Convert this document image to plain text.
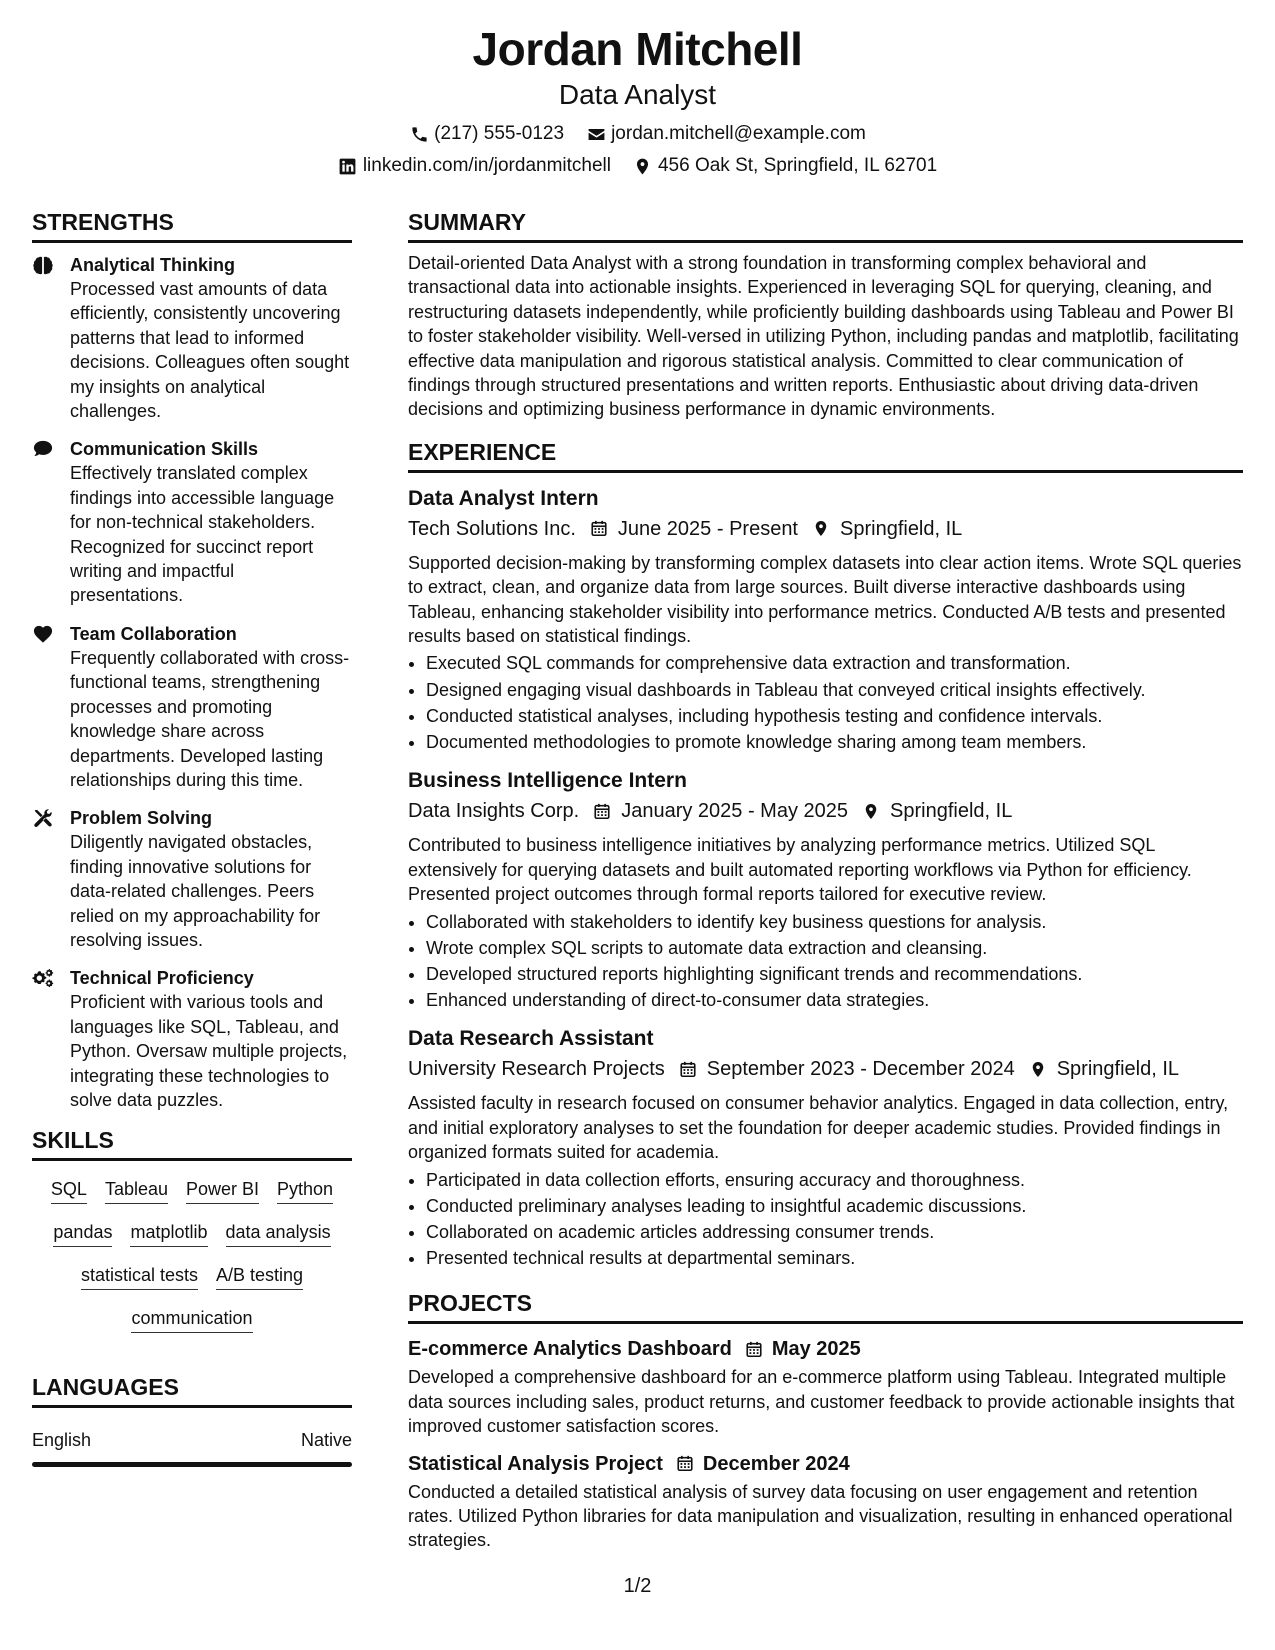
Jordan Mitchell
Data Analyst
(217) 555-0123 jordan.mitchell@example.com
linkedin.com/in/jordanmitchell 456 Oak St, Springfield, IL 62701
STRENGTHS
Analytical Thinking
Processed vast amounts of data efficiently, consistently uncovering patterns that lead to informed decisions. Colleagues often sought my insights on analytical challenges.
Communication Skills
Effectively translated complex findings into accessible language for non-technical stakeholders. Recognized for succinct report writing and impactful presentations.
Team Collaboration
Frequently collaborated with cross-functional teams, strengthening processes and promoting knowledge share across departments. Developed lasting relationships during this time.
Problem Solving
Diligently navigated obstacles, finding innovative solutions for data-related challenges. Peers relied on my approachability for resolving issues.
Technical Proficiency
Proficient with various tools and languages like SQL, Tableau, and Python. Oversaw multiple projects, integrating these technologies to solve data puzzles.
SKILLS
SQL Tableau Power BI Python
pandas matplotlib data analysis
statistical tests A/B testing
communication
LANGUAGES
English	Native
SUMMARY
Detail-oriented Data Analyst with a strong foundation in transforming complex behavioral and transactional data into actionable insights. Experienced in leveraging SQL for querying, cleaning, and restructuring datasets independently, while proficiently building dashboards using Tableau and Power BI to foster stakeholder visibility. Well-versed in utilizing Python, including pandas and matplotlib, facilitating effective data manipulation and rigorous statistical analysis. Committed to clear communication of findings through structured presentations and written reports. Enthusiastic about driving data-driven decisions and optimizing business performance in dynamic environments.
EXPERIENCE
Data Analyst Intern
Tech Solutions Inc. June 2025 - Present Springfield, IL
Supported decision-making by transforming complex datasets into clear action items. Wrote SQL queries to extract, clean, and organize data from large sources. Built diverse interactive dashboards using Tableau, enhancing stakeholder visibility into performance metrics. Conducted A/B tests and presented results based on statistical findings.
• Executed SQL commands for comprehensive data extraction and transformation.
• Designed engaging visual dashboards in Tableau that conveyed critical insights effectively.
• Conducted statistical analyses, including hypothesis testing and confidence intervals.
• Documented methodologies to promote knowledge sharing among team members.
Business Intelligence Intern
Data Insights Corp. January 2025 - May 2025 Springfield, IL
Contributed to business intelligence initiatives by analyzing performance metrics. Utilized SQL extensively for querying datasets and built automated reporting workflows via Python for efficiency. Presented project outcomes through formal reports tailored for executive review.
• Collaborated with stakeholders to identify key business questions for analysis.
• Wrote complex SQL scripts to automate data extraction and cleansing.
• Developed structured reports highlighting significant trends and recommendations.
• Enhanced understanding of direct-to-consumer data strategies.
Data Research Assistant
University Research Projects September 2023 - December 2024 Springfield, IL
Assisted faculty in research focused on consumer behavior analytics. Engaged in data collection, entry, and initial exploratory analyses to set the foundation for deeper academic studies. Provided findings in organized formats suited for academia.
• Participated in data collection efforts, ensuring accuracy and thoroughness.
• Conducted preliminary analyses leading to insightful academic discussions.
• Collaborated on academic articles addressing consumer trends.
• Presented technical results at departmental seminars.
PROJECTS
E-commerce Analytics Dashboard May 2025
Developed a comprehensive dashboard for an e-commerce platform using Tableau. Integrated multiple data sources including sales, product returns, and customer feedback to provide actionable insights that improved customer satisfaction scores.
Statistical Analysis Project December 2024
Conducted a detailed statistical analysis of survey data focusing on user engagement and retention rates. Utilized Python libraries for data manipulation and visualization, resulting in enhanced operational strategies.
1/2
